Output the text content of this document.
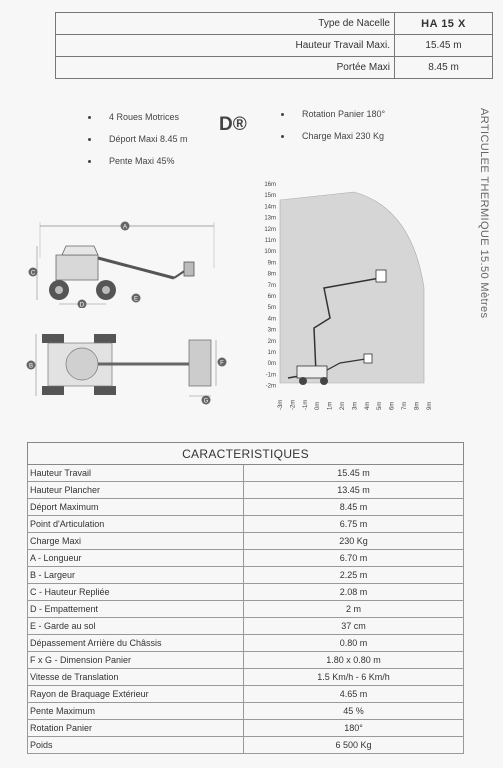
Type de Nacelle	HA 15 X
Hauteur Travail Maxi.	15.45 m
Portée Maxi	8.45 m
4 Roues Motrices
Déport Maxi 8.45 m
Pente Maxi 45%
D®	Rotation Panier 180°
Charge Maxi 230 Kg	ARTICULEE THERMIQUE 15.50 Mètres
A
C
D
E
B	F
G
16m
15m
14m
13m
12m
11m
10m
9m
8m
7m
6m
5m
4m
3m
2m
1m
0m
-1m
-2m
-3m -2m -1m 0m 1m 2m 3m 4m 5m 6m 7m 8m 9m
CARACTERISTIQUES	
Hauteur Travail	15.45 m
Hauteur Plancher	13.45 m
Déport Maximum	8.45 m
Point d'Articulation	6.75 m
Charge Maxi	230 Kg
A - Longueur	6.70 m
B - Largeur	2.25 m
C - Hauteur Repliée	2.08 m
D - Empattement	2 m
E - Garde au sol	37 cm
Dépassement Arrière du Châssis	0.80 m
F x G - Dimension Panier	1.80 x 0.80 m
Vitesse de Translation	1.5 Km/h - 6 Km/h
Rayon de Braquage Extérieur	4.65 m
Pente Maximum	45 %
Rotation Panier	180°
Poids	6 500 Kg
